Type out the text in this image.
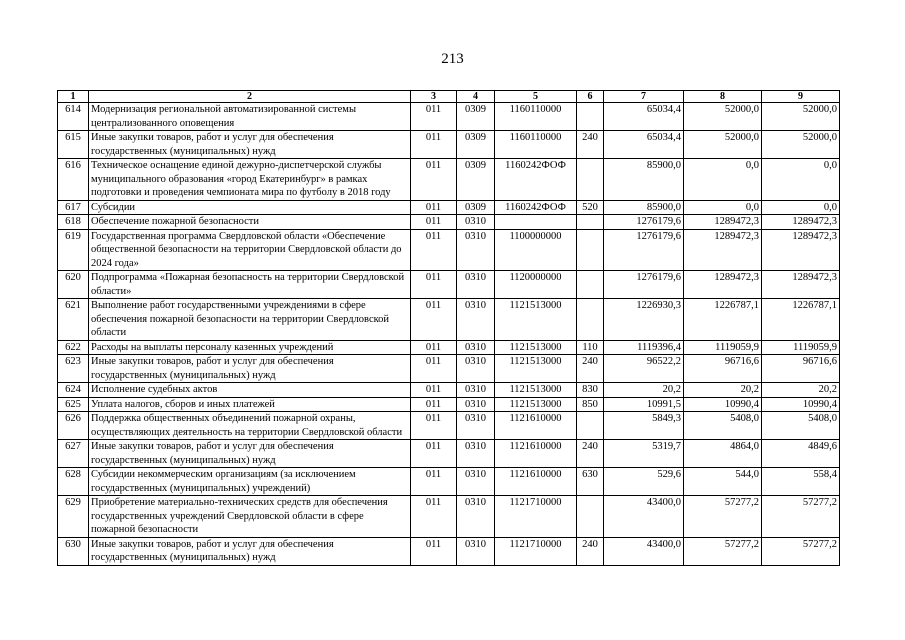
213
1	2	3	4	5	6	7	8	9
614	Модернизация региональной автоматизированной системы централизованного оповещения	011	0309	1160110000		65034,4	52000,0	52000,0
615	Иные закупки товаров, работ и услуг для обеспечения государственных (муниципальных) нужд	011	0309	1160110000	240	65034,4	52000,0	52000,0
616	Техническое оснащение единой дежурно-диспетчерской службы муниципального образования «город Екатеринбург» в рамках подготовки и проведения чемпионата мира по футболу в 2018 году	011	0309	1160242ФОФ		85900,0	0,0	0,0
617	Субсидии	011	0309	1160242ФОФ	520	85900,0	0,0	0,0
618	Обеспечение пожарной безопасности	011	0310			1276179,6	1289472,3	1289472,3
619	Государственная программа Свердловской области «Обеспечение общественной безопасности на территории Свердловской области до 2024 года»	011	0310	1100000000		1276179,6	1289472,3	1289472,3
620	Подпрограмма «Пожарная безопасность на территории Свердловской области»	011	0310	1120000000		1276179,6	1289472,3	1289472,3
621	Выполнение работ государственными учреждениями в сфере обеспечения пожарной безопасности на территории Свердловской области	011	0310	1121513000		1226930,3	1226787,1	1226787,1
622	Расходы на выплаты персоналу казенных учреждений	011	0310	1121513000	110	1119396,4	1119059,9	1119059,9
623	Иные закупки товаров, работ и услуг для обеспечения государственных (муниципальных) нужд	011	0310	1121513000	240	96522,2	96716,6	96716,6
624	Исполнение судебных актов	011	0310	1121513000	830	20,2	20,2	20,2
625	Уплата налогов, сборов и иных платежей	011	0310	1121513000	850	10991,5	10990,4	10990,4
626	Поддержка общественных объединений пожарной охраны, осуществляющих деятельность на территории Свердловской области	011	0310	1121610000		5849,3	5408,0	5408,0
627	Иные закупки товаров, работ и услуг для обеспечения государственных (муниципальных) нужд	011	0310	1121610000	240	5319,7	4864,0	4849,6
628	Субсидии некоммерческим организациям (за исключением государственных (муниципальных) учреждений)	011	0310	1121610000	630	529,6	544,0	558,4
629	Приобретение материально-технических средств для обеспечения государственных учреждений Свердловской области в сфере пожарной безопасности	011	0310	1121710000		43400,0	57277,2	57277,2
630	Иные закупки товаров, работ и услуг для обеспечения государственных (муниципальных) нужд	011	0310	1121710000	240	43400,0	57277,2	57277,2
